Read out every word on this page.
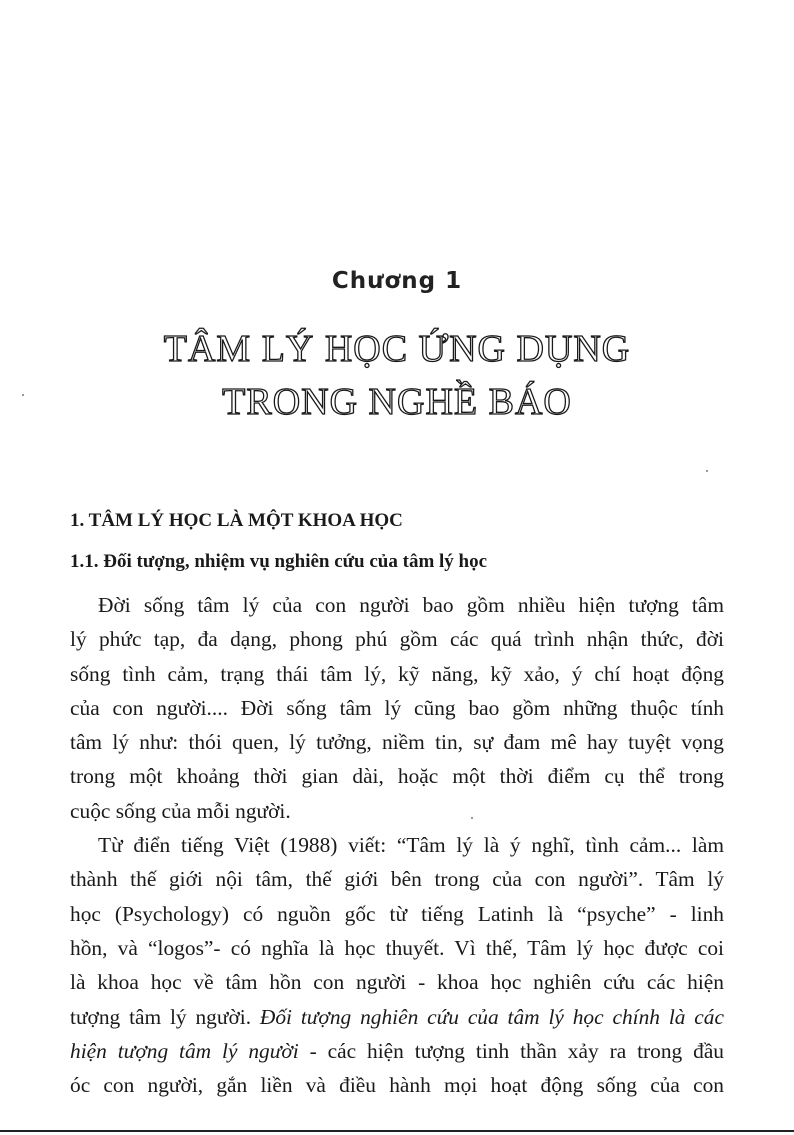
Chương 1
TÂM LÝ HỌC ỨNG DỤNG
TRONG NGHỀ BÁO
1. TÂM LÝ HỌC LÀ MỘT KHOA HỌC
1.1. Đối tượng, nhiệm vụ nghiên cứu của tâm lý học
Đời sống tâm lý của con người bao gồm nhiều hiện tượng tâm
lý phức tạp, đa dạng, phong phú gồm các quá trình nhận thức, đời
sống tình cảm, trạng thái tâm lý, kỹ năng, kỹ xảo, ý chí hoạt động
của con người.... Đời sống tâm lý cũng bao gồm những thuộc tính
tâm lý như: thói quen, lý tưởng, niềm tin, sự đam mê hay tuyệt vọng
trong một khoảng thời gian dài, hoặc một thời điểm cụ thể trong
cuộc sống của mỗi người.
Từ điển tiếng Việt (1988) viết: “Tâm lý là ý nghĩ, tình cảm... làm
thành thế giới nội tâm, thế giới bên trong của con người”. Tâm lý
học (Psychology) có nguồn gốc từ tiếng Latinh là “psyche” - linh
hồn, và “logos”- có nghĩa là học thuyết. Vì thế, Tâm lý học được coi
là khoa học về tâm hồn con người - khoa học nghiên cứu các hiện
tượng tâm lý người. Đối tượng nghiên cứu của tâm lý học chính là các
hiện tượng tâm lý người - các hiện tượng tinh thần xảy ra trong đầu
óc con người, gắn liền và điều hành mọi hoạt động sống của con
